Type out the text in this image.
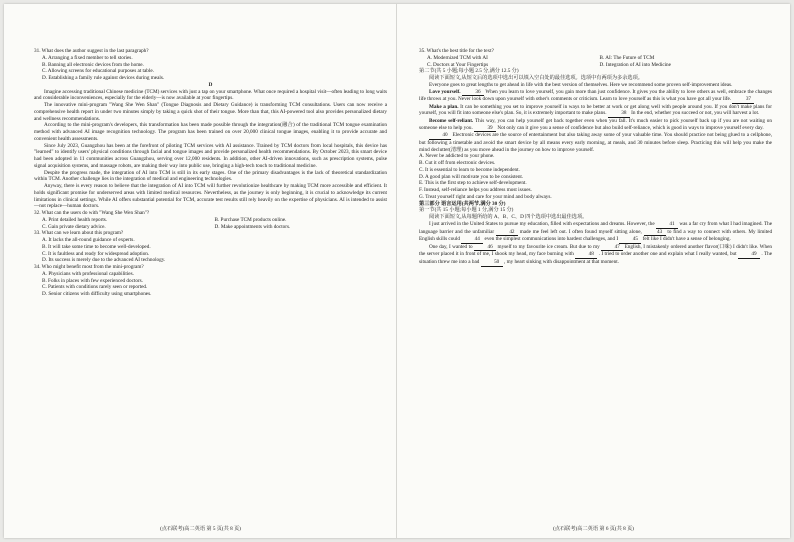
31. What does the author suggest in the last paragraph?

A. Arranging a fixed member to tell stories.

B. Banning all electronic devices from the home.

C. Allowing screens for educational purposes at table.

D. Establishing a family rule against devices during meals.

D

Imagine accessing traditional Chinese medicine (TCM) services with just a tap on your smartphone. What once required a hospital visit—often leading to long waits and considerable inconveniences, especially for the elderly—is now available at your fingertips.

The innovative mini-program "Wang She Wen Shan" (Tongue Diagnosis and Dietary Guidance) is transforming TCM consultations. Users can now receive a comprehensive health report in under two minutes simply by taking a quick shot of their tongue. More than that, this AI-powered tool also provides personalized dietary and wellness recommendations.

According to the mini-program's developers, this transformation has been made possible through the integration(融合) of the traditional TCM tongue examination method with advanced AI image recognition technology. The program has been trained on over 20,000 clinical tongue images, enabling it to provide accurate and convenient health assessments.

Since July 2023, Guangzhou has been at the forefront of piloting TCM services with AI assistance. Trained by TCM doctors from local hospitals, this device has "learned" to identify users' physical conditions through facial and tongue images and provide personalized health recommendations. By October 2023, this smart device had been adopted in 11 communities across Guangzhou, serving over 12,000 residents. In addition, other AI-driven innovations, such as prescription systems, pulse signal acquisition systems, and massage robots, are making their way into public use, bringing a high-tech touch to traditional medicine.

Despite the progress made, the integration of AI into TCM is still in its early stages. One of the primary disadvantages is the lack of theoretical standardization within TCM. Another challenge lies in the integration of medical and engineering technologies.

Anyway, there is every reason to believe that the integration of AI into TCM will further revolutionize healthcare by making TCM more accessible and efficient. It holds significant promise for underserved areas with limited medical resources. Nevertheless, as the journey is only beginning, it is crucial to acknowledge its current limitations in clinical settings. While AI offers substantial potential for TCM, accurate test results still rely heavily on the expertise of physicians. AI is intended to assist—not replace—human doctors.

32. What can the users do with "Wang She Wen Shan"?

A. Print detailed health reports.	B. Purchase TCM products online.
C. Gain private dietary advice.	D. Make appointments with doctors.

33. What can we learn about this program?

A. It lacks the all-round guidance of experts.

B. It will take some time to become well-developed.

C. It is faultless and ready for widespread adoption.

D. Its success is merely due to the advanced AI technology.

34. Who might benefit most from the mini-program?

A. Physicians with professional capabilities.

B. Folks in places with few experienced doctors.

C. Patients with conditions rarely seen or reported.

D. Senior citizens with difficulty using smartphones.

(点石联考)高二英语 第 5 页(共 8 页)

35. What's the best title for the text?

A. Modernized TCM with AI	B. AI: The Future of TCM
C. Doctors at Your Fingertips	D. Integration of AI into Medicine

第二节(共 5 小题;每小题 2.5 分,满分 12.5 分)

阅读下面短文,从短文后的选项中选出可以填入空白处的最佳选项。选项中有两项为多余选项。

Everyone goes to great lengths to get ahead in life with the best version of themselves. Here we recommend some proven self-improvement ideas.

Love yourself.	36 When you learn to love yourself, you gain more than just confidence. It gives you the ability to love others as well, embrace the changes life throws at you. Never look down upon yourself with other's comments or criticism. Learn to love yourself as this is what you have got all your life.	37

Make a plan. It can be something you set to improve yourself in ways to be better at work or get along well with people around you. If you don't make plans for yourself, you will fit into someone else's plan. So, it is extremely important to make plans.	38 In the end, whether you succeed or not, you will harvest a lot.

Become self-reliant. This way, you can help yourself get back together even when you fall. It's much easier to pick yourself back up if you are not waiting on someone else to help you.	39 Not only can it give you a sense of confidence but also build self-reliance, which is good in ways to improve yourself every day.

40 Electronic devices are the source of entertainment but also taking away some of your valuable time. You should practice not being glued to a cellphone, but following a timetable and avoid the smart device by all means every early morning, at meals, and 30 minutes before sleep. Practicing this will help you make the mind declutter(清理) as you move ahead in the journey on how to improve yourself.

A. Never be addicted to your phone.

B. Cut it off from electronic devices.

C. It is essential to learn to become independent.

D. A good plan will motivate you to be consistent.

E. This is the first step to achieve self-development.

F. Instead, self-reliance helps you address most issues.

G. Treat yourself right and care for your mind and body always.

第三部分 语言运用(共两节,满分 30 分)

第一节(共 15 小题;每小题 1 分,满分 15 分)

阅读下面短文,从每题所给的 A、B、C、D 四个选项中选出最佳选项。

I just arrived in the United States to pursue my education, filled with expectations and dreams. However, the	41 was a far cry from what I had imagined. The language barrier and the unfamiliar	42 made me feel left out. I often found myself sitting alone,	43 to find a way to connect with others. My limited English skills could	44 even the simplest communications into hardest challenges, and I	45 felt like I didn't have a sense of belonging.

One day, I wanted to	46 myself to my favourite ice cream. But due to my	47 English, I mistakenly ordered another flavor(口味) I didn't like. When the server placed it in front of me, I shook my head, my face burning with	48 . I tried to order another one and explain what I really wanted, but	49 . The situation threw me into a bad	50 , my heart sinking with disappointment at that moment.

(点石联考)高二英语 第 6 页(共 8 页)
